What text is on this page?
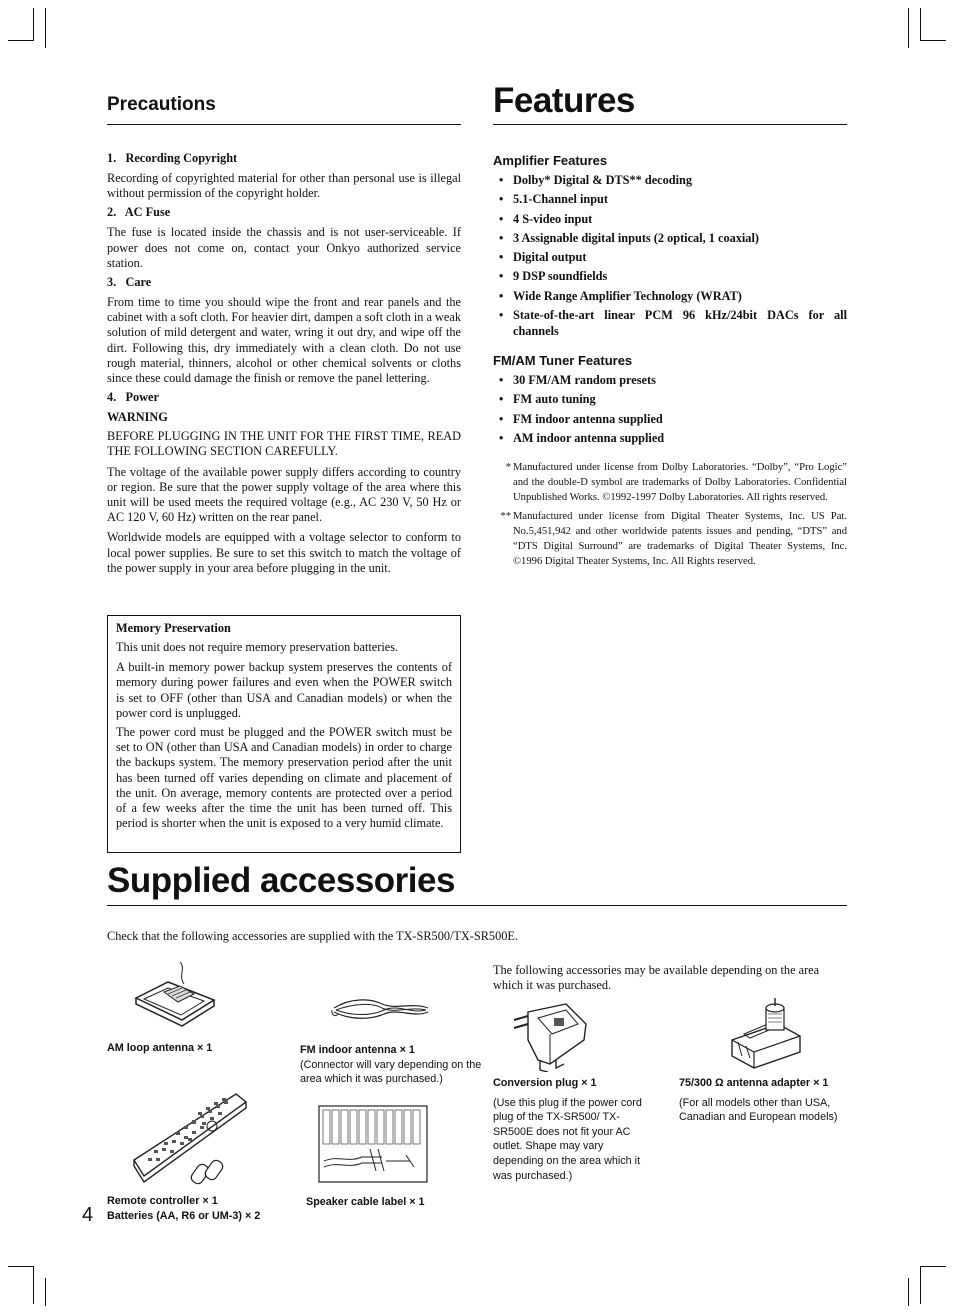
Precautions

1.   Recording Copyright

Recording of copyrighted material for other than personal use is illegal without permission of the copyright holder.

2.   AC Fuse

The fuse is located inside the chassis and is not user-serviceable. If power does not come on, contact your Onkyo authorized service station.

3.   Care

From time to time you should wipe the front and rear panels and the cabinet with a soft cloth. For heavier dirt, dampen a soft cloth in a weak solution of mild detergent and water, wring it out dry, and wipe off the dirt. Following this, dry immediately with a clean cloth. Do not use rough material, thinners, alcohol or other chemical solvents or cloths since these could damage the finish or remove the panel lettering.

4.   Power

WARNING

BEFORE PLUGGING IN THE UNIT FOR THE FIRST TIME, READ THE FOLLOWING SECTION CAREFULLY.

The voltage of the available power supply differs according to country or region. Be sure that the power supply voltage of the area where this unit will be used meets the required voltage (e.g., AC 230 V, 50 Hz or AC 120 V, 60 Hz) written on the rear panel.

Worldwide models are equipped with a voltage selector to conform to local power supplies. Be sure to set this switch to match the voltage of the power supply in your area before plugging in the unit.

Memory Preservation

This unit does not require memory preservation batteries.

A built-in memory power backup system preserves the contents of memory during power failures and even when the POWER switch is set to OFF (other than USA and Canadian models) or when the power cord is unplugged.

The power cord must be plugged and the POWER switch must be set to ON (other than USA and Canadian models) in order to charge the backups system. The memory preservation period after the unit has been turned off varies depending on climate and placement of the unit. On average, memory contents are protected over a period of a few weeks after the time the unit has been turned off. This period is shorter when the unit is exposed to a very humid climate.

Features

Amplifier Features

• Dolby* Digital & DTS** decoding
• 5.1-Channel input
• 4 S-video input
• 3 Assignable digital inputs (2 optical, 1 coaxial)
• Digital output
• 9 DSP soundfields
• Wide Range Amplifier Technology (WRAT)
• State-of-the-art linear PCM 96 kHz/24bit DACs for all channels

FM/AM Tuner Features

• 30 FM/AM random presets
• FM auto tuning
• FM indoor antenna supplied
• AM indoor antenna supplied
* Manufactured under license from Dolby Laboratories. “Dolby”, “Pro Logic” and the double-D symbol are trademarks of Dolby Laboratories. Confidential Unpublished Works. ©1992-1997 Dolby Laboratories. All rights reserved.
** Manufactured under license from Digital Theater Systems, Inc. US Pat. No.5,451,942 and other worldwide patents issues and pending, “DTS” and “DTS Digital Surround” are trademarks of Digital Theater Systems, Inc. ©1996 Digital Theater Systems, Inc. All Rights reserved.
Supplied accessories

Check that the following accessories are supplied with the TX-SR500/TX-SR500E.

The following accessories may be available depending on the area which it was purchased.

AM loop antenna × 1	FM indoor antenna × 1
(Connector will vary depending on the area which it was purchased.)
Remote controller × 1
Batteries (AA, R6 or UM-3) × 2
Speaker cable label × 1
Conversion plug × 1
(Use this plug if the power cord plug of the TX-SR500/ TX-SR500E does not fit your AC outlet. Shape may vary depending on the area which it was purchased.)
75/300 Ω antenna adapter × 1
(For all models other than USA, Canadian and European models)
4
